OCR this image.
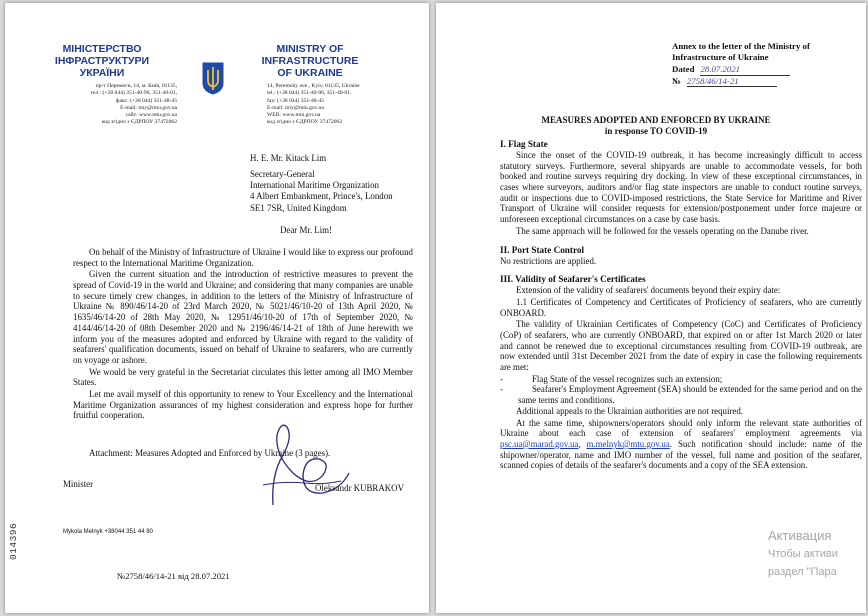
МІНІСТЕРСТВО
ІНФРАСТРУКТУРИ
УКРАЇНИ
MINISTRY OF
INFRASTRUCTURE
OF UKRAINE
пр-т Перемоги, 14, м. Київ, 01135,
тел.: (+38 044) 351-40-96, 351-40-01,
факс: (+38 044) 351-48-45
E-mail: miy@mtu.gov.ua
сайт: www.mtu.gov.ua
код згідно з ЄДРПОУ 37472062
14, Peremohy ave., Kyiv, 01135, Ukraine
tel.: (+38 044) 351-40-96, 351-40-01,
fax: (+38 044) 351-48-45
E-mail: miy@mtu.gov.ua
WEB: www.mtu.gov.ua
код згідно з ЄДРПОУ 37472062
H. E. Mr. Kitack Lim
Secretary-General
International Maritime Organization
4 Albert Embankment, Prince's, London
SE1 7SR, United Kingdom
Dear Mr. Lim!

On behalf of the Ministry of Infrastructure of Ukraine I would like to express our profound respect to the International Maritime Organization.

Given the current situation and the introduction of restrictive measures to prevent the spread of Covid-19 in the world and Ukraine; and considering that many companies are unable to secure timely crew changes, in addition to the letters of the Ministry of Infrastructure of Ukraine № 890/46/14-20 of 23rd March 2020, № 5021/46/10-20 of 13th April 2020, № 1635/46/14-20 of 28th May 2020, № 12951/46/10-20 of 17th of September 2020, № 4144/46/14-20 of 08th Desember 2020 and № 2196/46/14-21 of 18th of June herewith we inform you of the measures adopted and enforced by Ukraine with regard to the validity of seafarers' qualification documents, issued on behalf of Ukraine to seafarers, who are currently on voyage or ashore.

We would be very grateful in the Secretariat circulates this letter among all IMO Member States.

Let me avail myself of this opportunity to renew to Your Excellency and the International Maritime Organization assurances of my highest consideration and express hope for further fruitful cooperation.

Attachment: Measures Adopted and Enforced by Ukraine (3 pages).
Minister	Oleksandr KUBRAKOV
Mykola Melnyk +38044 351 44 80
014396
№2758/46/14-21 від 28.07.2021
Annex to the letter of the Ministry of
Infrastructure of Ukraine
Dated 28.07.2021
№ 2758/46/14-21
MEASURES ADOPTED AND ENFORCED BY UKRAINE
in response TO COVID-19
I. Flag State

Since the onset of the COVID-19 outbreak, it has become increasingly difficult to access statutory surveys. Furthermore, several shipyards are unable to accommodate vessels, for both booked and routine surveys requiring dry docking. In view of these exceptional circumstances, in cases where surveyors, auditors and/or flag state inspectors are unable to conduct routine surveys, audit or inspections due to COVID-imposed restrictions, the State Service for Maritime and River Transport of Ukraine will consider requests for extension/postponement under force majeure or unforeseen exceptional circumstances on a case by case basis.

The same approach will be followed for the vessels operating on the Danube river.

II. Port State Control

No restrictions are applied.

III. Validity of Seafarer's Certificates

Extension of the validity of seafarers' documents beyond their expiry date:

1.1 Certificates of Competency and Certificates of Proficiency of seafarers, who are currently ONBOARD.

The validity of Ukrainian Certificates of Competency (CoC) and Certificates of Proficiency (CoP) of seafarers, who are currently ONBOARD, that expired on or after 1st March 2020 or later and cannot be renewed due to exceptional circumstances resulting from COVID-19 outbreak, are now extended until 31st December 2021 from the date of expiry in case the following requirements are met:

-	Flag State of the vessel recognizes such an extension;
-	Seafarer's Employment Agreement (SEA) should be extended for the same period and on the same terms and conditions.

Additional appeals to the Ukrainian authorities are not required.

At the same time, shipowners/operators should only inform the relevant state authorities of Ukraine about each case of extension of seafarers' employment agreements via psc.ua@marad.gov.ua, m.melnyk@mtu.gov.ua. Such notification should include: name of the shipowner/operator, name and IMO number of the vessel, full name and position of the seafarer, scanned copies of details of the seafarer's documents and a copy of the SEA extension.

Активация
Чтобы активи
раздел "Пара
